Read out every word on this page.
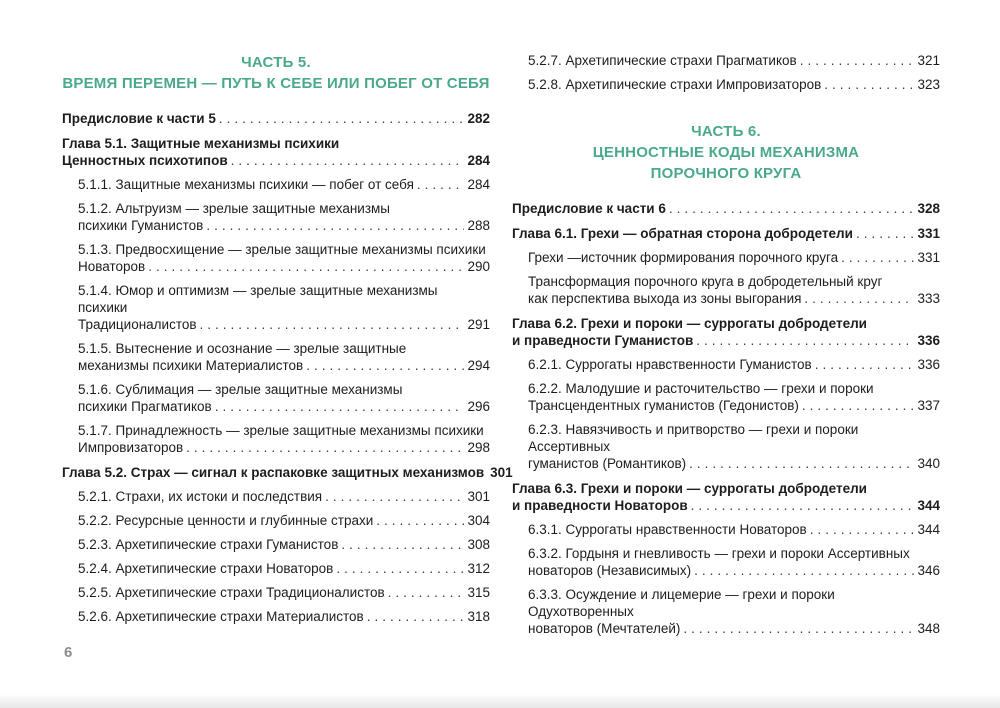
ЧАСТЬ 5.
ВРЕМЯ ПЕРЕМЕН — ПУТЬ К СЕБЕ ИЛИ ПОБЕГ ОТ СЕБЯ
Предисловие к части 5 .....	282
Глава 5.1. Защитные механизмы психики
Ценностных психотипов .....	284
5.1.1. Защитные механизмы психики — побег от себя .....	284
5.1.2. Альтруизм — зрелые защитные механизмы
психики Гуманистов .....	288
5.1.3. Предвосхищение — зрелые защитные механизмы психики
Новаторов .....	290
5.1.4. Юмор и оптимизм — зрелые защитные механизмы психики
Традиционалистов .....	291
5.1.5. Вытеснение и осознание — зрелые защитные
механизмы психики Материалистов .....	294
5.1.6. Сублимация — зрелые защитные механизмы
психики Прагматиков .....	296
5.1.7. Принадлежность — зрелые защитные механизмы психики
Импровизаторов .....	298
Глава 5.2. Страх — сигнал к распаковке защитных механизмов 301
5.2.1. Страхи, их истоки и последствия .....	301
5.2.2. Ресурсные ценности и глубинные страхи .....	304
5.2.3. Архетипические страхи Гуманистов .....	308
5.2.4. Архетипические страхи Новаторов .....	312
5.2.5. Архетипические страхи Традиционалистов .....	315
5.2.6. Архетипические страхи Материалистов .....	318
5.2.7. Архетипические страхи Прагматиков .....	321
5.2.8. Архетипические страхи Импровизаторов .....	323
ЧАСТЬ 6.
ЦЕННОСТНЫЕ КОДЫ МЕХАНИЗМА
ПОРОЧНОГО КРУГА
Предисловие к части 6 .....	328
Глава 6.1. Грехи — обратная сторона добродетели .....	331
Грехи —источник формирования порочного круга .....	331
Трансформация порочного круга в добродетельный круг
как перспектива выхода из зоны выгорания .....	333
Глава 6.2. Грехи и пороки — суррогаты добродетели
и праведности Гуманистов .....	336
6.2.1. Суррогаты нравственности Гуманистов .....	336
6.2.2. Малодушие и расточительство — грехи и пороки
Трансцендентных гуманистов (Гедонистов) .....	337
6.2.3. Навязчивость и притворство — грехи и пороки Ассертивных
гуманистов (Романтиков) .....	340
Глава 6.3. Грехи и пороки — суррогаты добродетели
и праведности Новаторов .....	344
6.3.1. Суррогаты нравственности Новаторов .....	344
6.3.2. Гордыня и гневливость — грехи и пороки Ассертивных
новаторов (Независимых) .....	346
6.3.3. Осуждение и лицемерие — грехи и пороки Одухотворенных
новаторов (Мечтателей) .....	348
6
